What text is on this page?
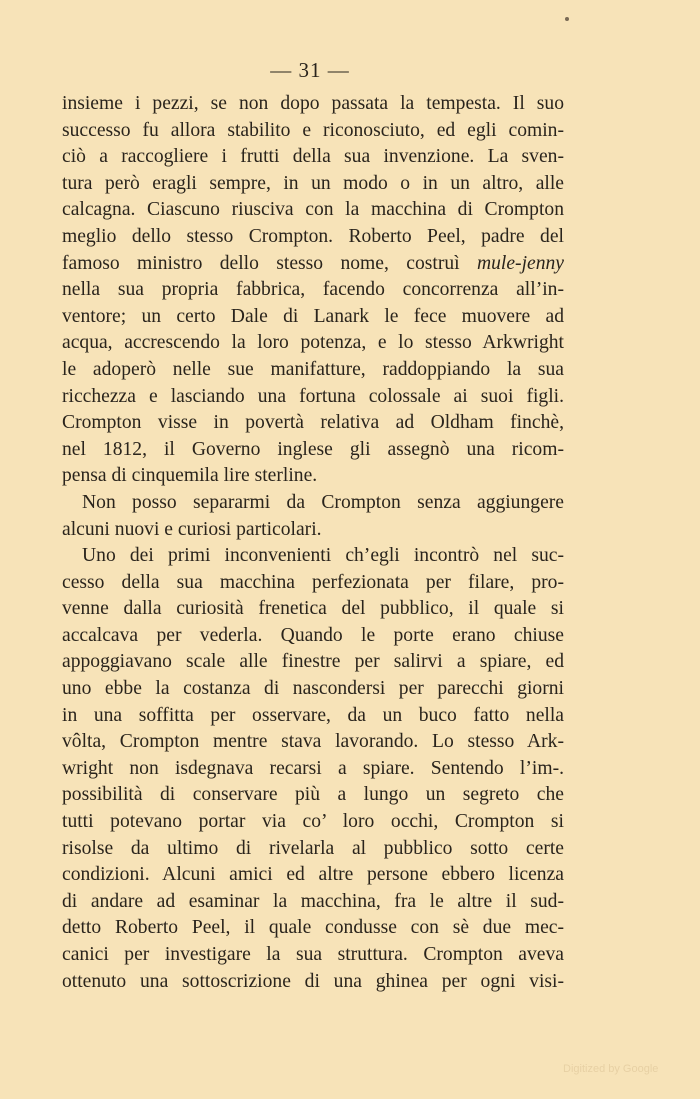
— 31 —
insieme i pezzi, se non dopo passata la tempesta. Il suo
successo fu allora stabilito e riconosciuto, ed egli comin-
ciò a raccogliere i frutti della sua invenzione. La sven-
tura però eragli sempre, in un modo o in un altro, alle
calcagna. Ciascuno riusciva con la macchina di Crompton
meglio dello stesso Crompton. Roberto Peel, padre del
famoso ministro dello stesso nome, costruì mule-jenny
nella sua propria fabbrica, facendo concorrenza all’in-
ventore; un certo Dale di Lanark le fece muovere ad
acqua, accrescendo la loro potenza, e lo stesso Arkwright
le adoperò nelle sue manifatture, raddoppiando la sua
ricchezza e lasciando una fortuna colossale ai suoi figli.
Crompton visse in povertà relativa ad Oldham finchè,
nel 1812, il Governo inglese gli assegnò una ricom-
pensa di cinquemila lire sterline.
Non posso separarmi da Crompton senza aggiungere
alcuni nuovi e curiosi particolari.
Uno dei primi inconvenienti ch’egli incontrò nel suc-
cesso della sua macchina perfezionata per filare, pro-
venne dalla curiosità frenetica del pubblico, il quale si
accalcava per vederla. Quando le porte erano chiuse
appoggiavano scale alle finestre per salirvi a spiare, ed
uno ebbe la costanza di nascondersi per parecchi giorni
in una soffitta per osservare, da un buco fatto nella
vôlta, Crompton mentre stava lavorando. Lo stesso Ark-
wright non isdegnava recarsi a spiare. Sentendo l’im-.
possibilità di conservare più a lungo un segreto che
tutti potevano portar via co’ loro occhi, Crompton si
risolse da ultimo di rivelarla al pubblico sotto certe
condizioni. Alcuni amici ed altre persone ebbero licenza
di andare ad esaminar la macchina, fra le altre il sud-
detto Roberto Peel, il quale condusse con sè due mec-
canici per investigare la sua struttura. Crompton aveva
ottenuto una sottoscrizione di una ghinea per ogni visi-
Digitized by Google
